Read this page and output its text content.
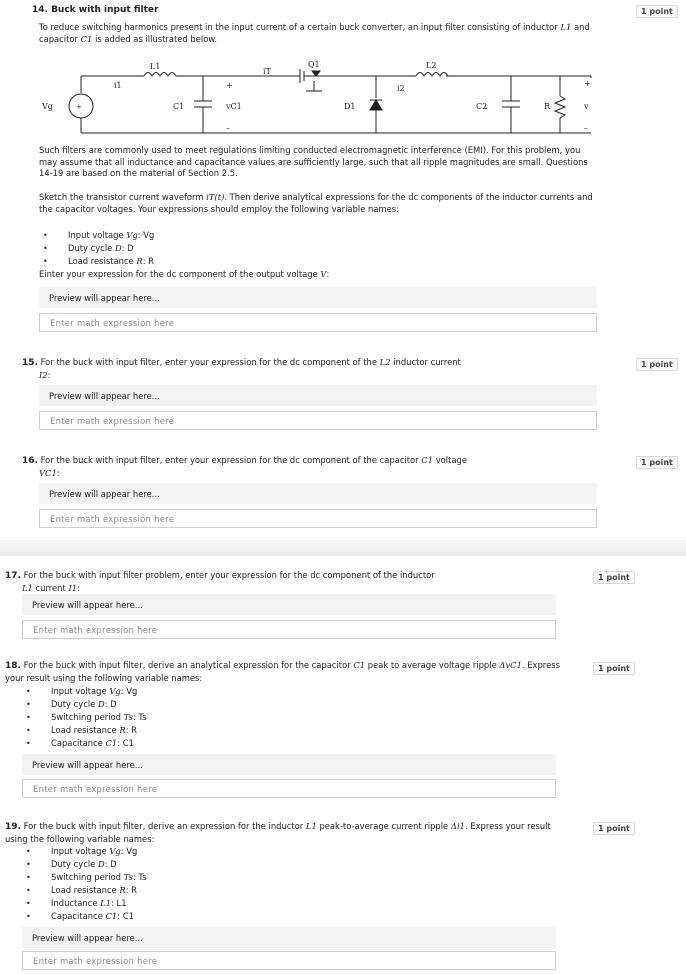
14. Buck with input filter	1 point
To reduce switching harmonics present in the input current of a certain buck converter, an input filter consisting of inductor L1 and capacitor C1 is added as illustrated below.
+
L1
i1
iT
Q1	L2
i2
Vg	C1	vC1
+
–
D1	C2	R	v
+
–
Such filters are commonly used to meet regulations limiting conducted electromagnetic interference (EMI). For this problem, you may assume that all inductance and capacitance values are sufficiently large, such that all ripple magnitudes are small. Questions 14-19 are based on the material of Section 2.5.
Sketch the transistor current waveform iT(t). Then derive analytical expressions for the dc components of the inductor currents and the capacitor voltages. Your expressions should employ the following variable names:
• Input voltage Vg: Vg
• Duty cycle D: D
• Load resistance R: R
Einter your expression for the dc component of the output voltage V:
Preview will appear here...
Enter math expression here
15. For the buck with input filter, enter your expression for the dc component of the L2 inductor current
I2:
1 point
Preview will appear here...
Enter math expression here
16. For the buck with input filter, enter your expression for the dc component of the capacitor C1 voltage
VC1:
1 point
Preview will appear here...
Enter math expression here
17. For the buck with input filter problem, enter your expression for the dc component of the inductor
L1 current I1:
1 point
Preview will appear here...
Enter math expression here
18. For the buck with input filter, derive an analytical expression for the capacitor C1 peak to average voltage ripple ΔvC1. Express your result using the following variable names:
1 point
• Input voltage Vg: Vg
• Duty cycle D: D
• Switching period Ts: Ts
• Load resistance R: R
• Capacitance C1: C1
Preview will appear here...
Enter math expression here
19. For the buck with input filter, derive an expression for the inductor L1 peak-to-average current ripple Δi1. Express your result using the following variable names:
1 point
• Input voltage Vg: Vg
• Duty cycle D: D
• Switching period Ts: Ts
• Load resistance R: R
• Inductance L1: L1
• Capacitance C1: C1
Preview will appear here...
Enter math expression here
